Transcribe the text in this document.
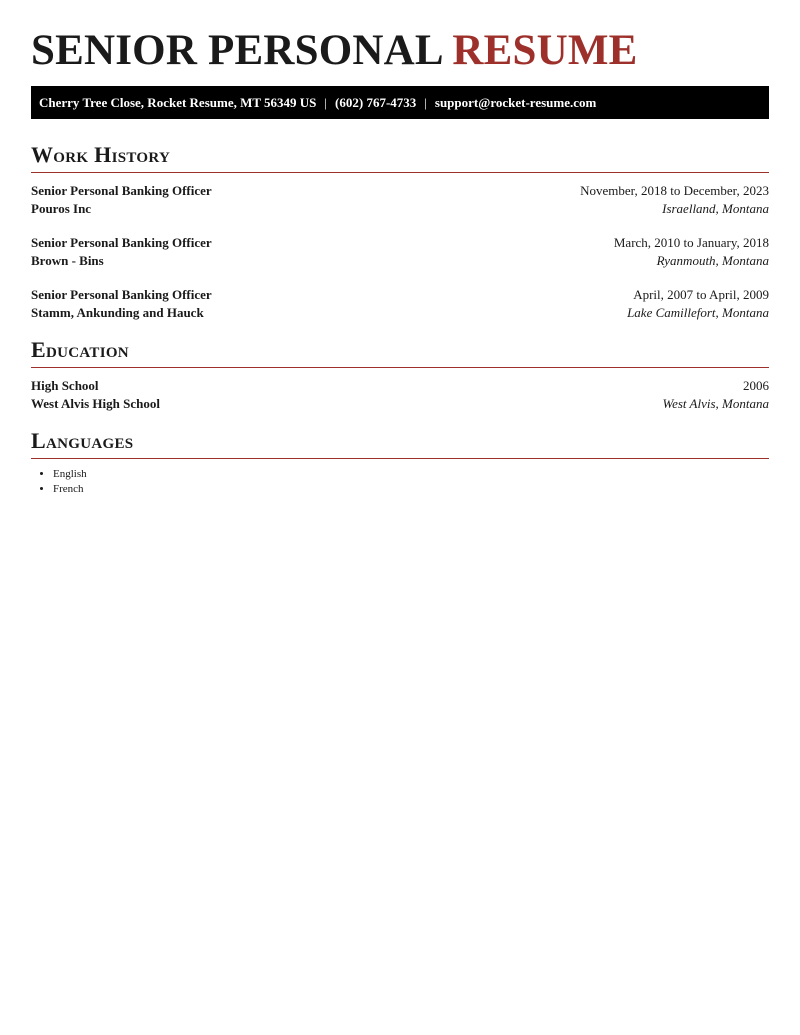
SENIOR PERSONAL RESUME
Cherry Tree Close, Rocket Resume, MT 56349 US | (602) 767-4733 | support@rocket-resume.com
Work History
Senior Personal Banking Officer	November, 2018 to December, 2023
Pouros Inc	Israelland, Montana
Senior Personal Banking Officer	March, 2010 to January, 2018
Brown - Bins	Ryanmouth, Montana
Senior Personal Banking Officer	April, 2007 to April, 2009
Stamm, Ankunding and Hauck	Lake Camillefort, Montana
Education
High School	2006
West Alvis High School	West Alvis, Montana
Languages
• English
• French
